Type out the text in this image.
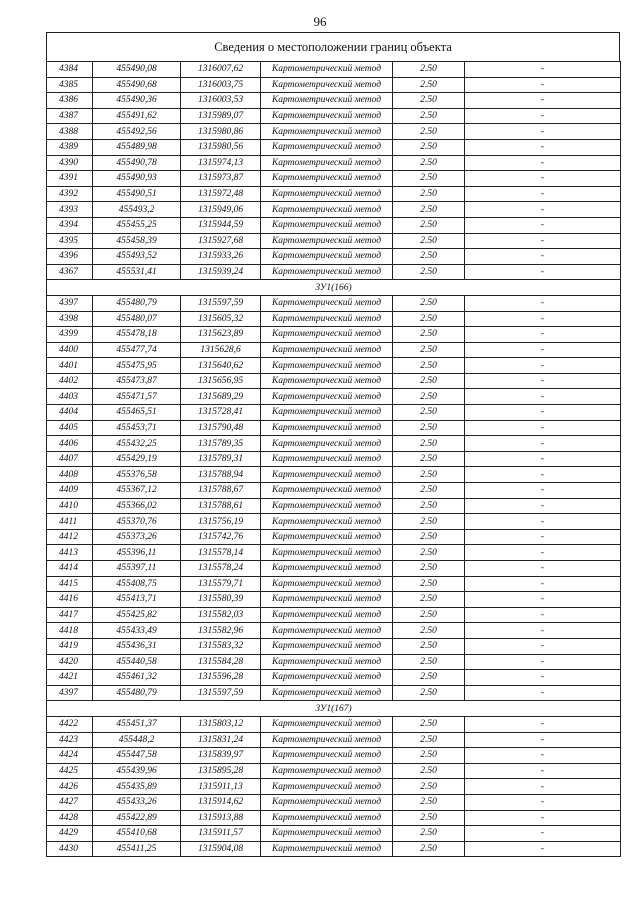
96
Сведения о местоположении границ объекта
4384	455490,08	1316007,62	Картометрический метод	2.50	-
4385	455490,68	1316003,75	Картометрический метод	2.50	-
4386	455490,36	1316003,53	Картометрический метод	2.50	-
4387	455491,62	1315989,07	Картометрический метод	2.50	-
4388	455492,56	1315980,86	Картометрический метод	2.50	-
4389	455489,98	1315980,56	Картометрический метод	2.50	-
4390	455490,78	1315974,13	Картометрический метод	2.50	-
4391	455490,93	1315973,87	Картометрический метод	2.50	-
4392	455490,51	1315972,48	Картометрический метод	2.50	-
4393	455493,2	1315949,06	Картометрический метод	2.50	-
4394	455455,25	1315944,59	Картометрический метод	2.50	-
4395	455458,39	1315927,68	Картометрический метод	2.50	-
4396	455493,52	1315933,26	Картометрический метод	2.50	-
4367	455531,41	1315939,24	Картометрический метод	2.50	-
ЗУ1(166)					
4397	455480,79	1315597,59	Картометрический метод	2.50	-
4398	455480,07	1315605,32	Картометрический метод	2.50	-
4399	455478,18	1315623,89	Картометрический метод	2.50	-
4400	455477,74	1315628,6	Картометрический метод	2.50	-
4401	455475,95	1315640,62	Картометрический метод	2.50	-
4402	455473,87	1315656,95	Картометрический метод	2.50	-
4403	455471,57	1315689,29	Картометрический метод	2.50	-
4404	455465,51	1315728,41	Картометрический метод	2.50	-
4405	455453,71	1315790,48	Картометрический метод	2.50	-
4406	455432,25	1315789,35	Картометрический метод	2.50	-
4407	455429,19	1315789,31	Картометрический метод	2.50	-
4408	455376,58	1315788,94	Картометрический метод	2.50	-
4409	455367,12	1315788,67	Картометрический метод	2.50	-
4410	455366,02	1315788,61	Картометрический метод	2.50	-
4411	455370,76	1315756,19	Картометрический метод	2.50	-
4412	455373,26	1315742,76	Картометрический метод	2.50	-
4413	455396,11	1315578,14	Картометрический метод	2.50	-
4414	455397,11	1315578,24	Картометрический метод	2.50	-
4415	455408,75	1315579,71	Картометрический метод	2.50	-
4416	455413,71	1315580,39	Картометрический метод	2.50	-
4417	455425,82	1315582,03	Картометрический метод	2.50	-
4418	455433,49	1315582,96	Картометрический метод	2.50	-
4419	455436,31	1315583,32	Картометрический метод	2.50	-
4420	455440,58	1315584,28	Картометрический метод	2.50	-
4421	455461,32	1315596,28	Картометрический метод	2.50	-
4397	455480,79	1315597,59	Картометрический метод	2.50	-
ЗУ1(167)					
4422	455451,37	1315803,12	Картометрический метод	2.50	-
4423	455448,2	1315831,24	Картометрический метод	2.50	-
4424	455447,58	1315839,97	Картометрический метод	2.50	-
4425	455439,96	1315895,28	Картометрический метод	2.50	-
4426	455435,89	1315911,13	Картометрический метод	2.50	-
4427	455433,26	1315914,62	Картометрический метод	2.50	-
4428	455422,89	1315913,88	Картометрический метод	2.50	-
4429	455410,68	1315911,57	Картометрический метод	2.50	-
4430	455411,25	1315904,08	Картометрический метод	2.50	-
